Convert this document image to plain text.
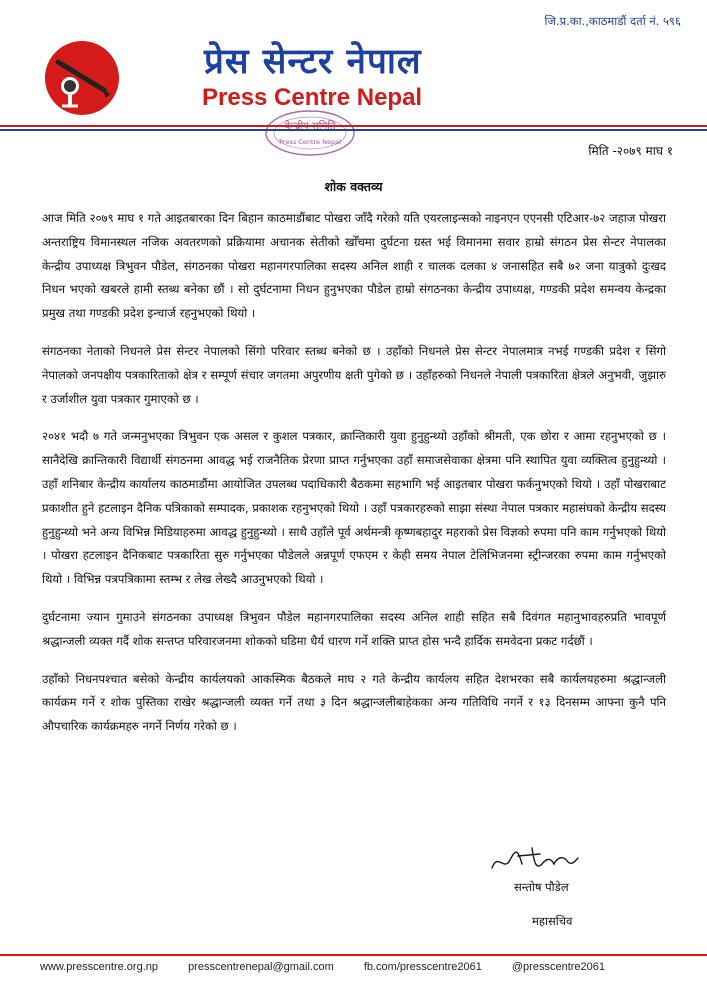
जि.प्र.का.,काठमाडौं दर्ता नं. ५९६
प्रेस सेन्टर नेपाल
Press Centre Nepal
Press Centre Nepal
मिति -२०७९ माघ १
शोक वक्तव्य

आज मिति २०७९ माघ १ गते आइतबारका दिन बिहान काठमाडौंबाट पोखरा जाँदै गरेको यति एयरलाइन्सको नाइनएन एएनसी एटिआर-७२ जहाज पोखरा अन्तराष्ट्रिय विमानस्थल नजिक अवतरणको प्रक्रियामा अचानक सेतीको खोँचमा दुर्घटना ग्रस्त भई विमानमा सवार हाम्रो संगठन प्रेस सेन्टर नेपालका केन्द्रीय उपाध्यक्ष त्रिभुवन पौडेल, संगठनका पोखरा महानगरपालिका सदस्य अनिल शाही र चालक दलका ४ जनासहित सबै ७२ जना यात्रुको दुःखद निधन भएको खबरले हामी स्तब्ध बनेका छौं । सो दुर्घटनामा निधन हुनुभएका पौडेल हाम्रो संगठनका केन्द्रीय उपाध्यक्ष, गण्डकी प्रदेश समन्वय केन्द्रका प्रमुख तथा गण्डकी प्रदेश इन्चार्ज रहनुभएको थियो ।

संगठनका नेताको निधनले प्रेस सेन्टर नेपालको सिंगो परिवार स्तब्ध बनेको छ । उहाँको निधनले प्रेस सेन्टर नेपालमात्र नभई गण्डकी प्रदेश र सिंगो नेपालको जनपक्षीय पत्रकारिताको क्षेत्र र सम्पूर्ण संचार जगतमा अपुरणीय क्षती पुगेको छ । उहाँहरुको निधनले नेपाली पत्रकारिता क्षेत्रले अनुभवी, जुझारु र उर्जाशील युवा पत्रकार गुमाएको छ ।

२०४१ भदौ ७ गते जन्मनुभएका त्रिभुवन एक असल र कुशल पत्रकार, क्रान्तिकारी युवा हुनुहुन्थ्यो उहाँको श्रीमती, एक छोरा र आमा रहनुभएको छ । सानैदेखि क्रान्तिकारी विद्यार्थी संगठनमा आवद्ध भई राजनैतिक प्रेरणा प्राप्त गर्नुभएका उहाँ समाजसेवाका क्षेत्रमा पनि स्थापित युवा व्यक्तित्व हुनुहुन्थ्यो । उहाँ शनिबार केन्द्रीय कार्यालय काठमाडौंमा आयोजित उपलब्ध पदाधिकारी बैठकमा सहभागि भई आइतबार पोखरा फर्कनुभएको थियो । उहाँ पोखराबाट प्रकाशीत हुने हटलाइन दैनिक पत्रिकाको सम्पादक, प्रकाशक रहनुभएको थियो । उहाँ पत्रकारहरुको साझा संस्था नेपाल पत्रकार महासंघको केन्द्रीय सदस्य हुनुहुन्थ्यो भने अन्य विभिन्न मिडियाहरुमा आवद्ध हुनुहुन्थ्यो । साथै उहाँले पूर्व अर्थमन्त्री कृष्णबहादुर महराको प्रेस विज्ञको रुपमा पनि काम गर्नुभएको थियो । पोखरा हटलाइन दैनिकबाट पत्रकारिता सुरु गर्नुभएका पौडेलले अन्नपूर्ण एफएम र केही समय नेपाल टेलिभिजनमा स्ट्रीन्जरका रुपमा काम गर्नुभएको थियो । विभिन्न पत्रपत्रिकामा स्तम्भ र लेख लेख्दै आउनुभएको थियो ।

दुर्घटनामा ज्यान गुमाउने संगठनका उपाध्यक्ष त्रिभुवन पौडेल महानगरपालिका सदस्य अनिल शाही सहित सबै दिवंगत महानुभावहरुप्रति भावपूर्ण श्रद्धान्जली व्यक्त गर्दै शोक सन्तप्त परिवारजनमा शोकको घडिमा धैर्य धारण गर्ने शक्ति प्राप्त होस भन्दै हार्दिक समवेदना प्रकट गर्दछौं ।

उहाँको निधनपश्चात बसेको केन्द्रीय कार्यलयको आकस्मिक बैठकले माघ २ गते केन्द्रीय कार्यलय सहित देशभरका सबै कार्यलयहरुमा श्रद्धान्जली कार्यक्रम गर्ने र शोक पुस्तिका राखेर श्रद्धान्जली व्यक्त गर्ने तथा ३ दिन श्रद्धान्जलीबाहेकका अन्य गतिविधि नगर्ने र १३ दिनसम्म आफ्ना कुनै पनि औपचारिक कार्यक्रमहरु नगर्ने निर्णय गरेको छ ।

सन्तोष पौडेल
महासचिव
www.presscentre.org.np	presscentrenepal@gmail.com	fb.com/presscentre2061	@presscentre2061
